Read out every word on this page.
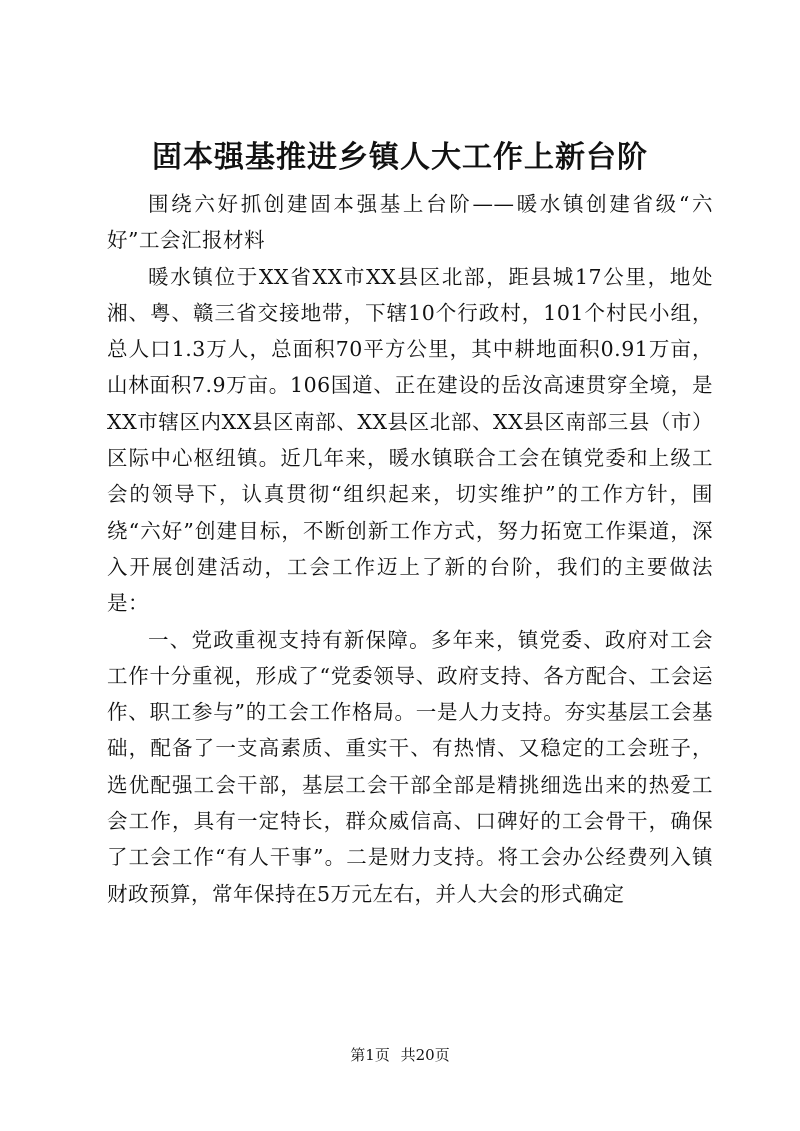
固本强基推进乡镇人大工作上新台阶

围绕六好抓创建固本强基上台阶——暖水镇创建省级“六好”工会汇报材料

暖水镇位于XX省XX市XX县区北部，距县城17公里，地处湘、粤、赣三省交接地带，下辖10个行政村，101个村民小组，总人口1.3万人，总面积70平方公里，其中耕地面积0.91万亩，山林面积7.9万亩。106国道、正在建设的岳汝高速贯穿全境，是XX市辖区内XX县区南部、XX县区北部、XX县区南部三县（市）区际中心枢纽镇。近几年来，暖水镇联合工会在镇党委和上级工会的领导下，认真贯彻“组织起来，切实维护”的工作方针，围绕“六好”创建目标，不断创新工作方式，努力拓宽工作渠道，深入开展创建活动，工会工作迈上了新的台阶，我们的主要做法是：

一、党政重视支持有新保障。多年来，镇党委、政府对工会工作十分重视，形成了“党委领导、政府支持、各方配合、工会运作、职工参与”的工会工作格局。一是人力支持。夯实基层工会基础，配备了一支高素质、重实干、有热情、又稳定的工会班子，选优配强工会干部，基层工会干部全部是精挑细选出来的热爱工会工作，具有一定特长，群众威信高、口碑好的工会骨干，确保了工会工作“有人干事”。二是财力支持。将工会办公经费列入镇财政预算，常年保持在5万元左右，并人大会的形式确定

第1页 共20页
